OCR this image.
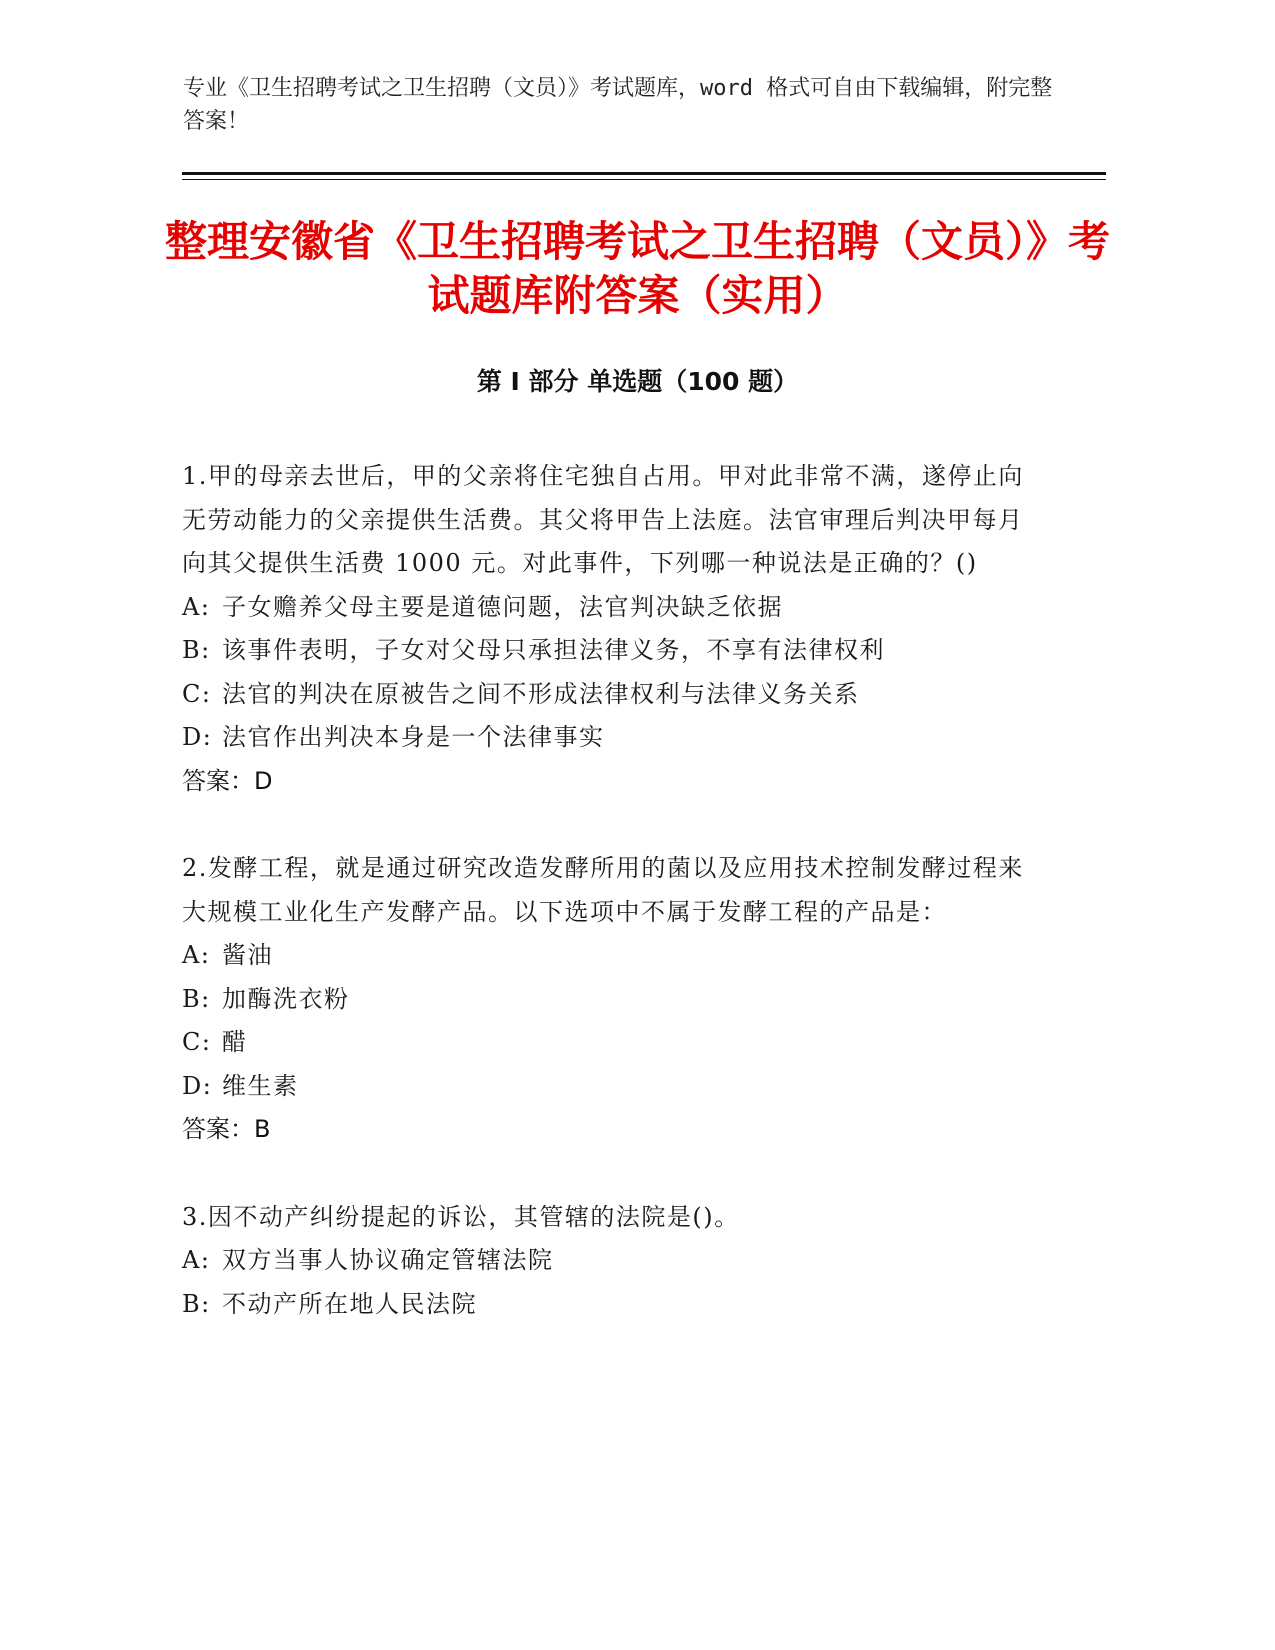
专业《卫生招聘考试之卫生招聘（文员）》考试题库，word 格式可自由下载编辑，附完整答案！
整理安徽省《卫生招聘考试之卫生招聘（文员）》考试题库附答案（实用）
第 I 部分 单选题（100 题）

1.甲的母亲去世后，甲的父亲将住宅独自占用。甲对此非常不满，遂停止向无劳动能力的父亲提供生活费。其父将甲告上法庭。法官审理后判决甲每月向其父提供生活费 1000 元。对此事件，下列哪一种说法是正确的？()

A: 子女赡养父母主要是道德问题，法官判决缺乏依据
B: 该事件表明，子女对父母只承担法律义务，不享有法律权利
C: 法官的判决在原被告之间不形成法律权利与法律义务关系
D: 法官作出判决本身是一个法律事实

答案：D

2.发酵工程，就是通过研究改造发酵所用的菌以及应用技术控制发酵过程来大规模工业化生产发酵产品。以下选项中不属于发酵工程的产品是：

A: 酱油
B: 加酶洗衣粉
C: 醋
D: 维生素

答案：B

3.因不动产纠纷提起的诉讼，其管辖的法院是()。

A: 双方当事人协议确定管辖法院
B: 不动产所在地人民法院
